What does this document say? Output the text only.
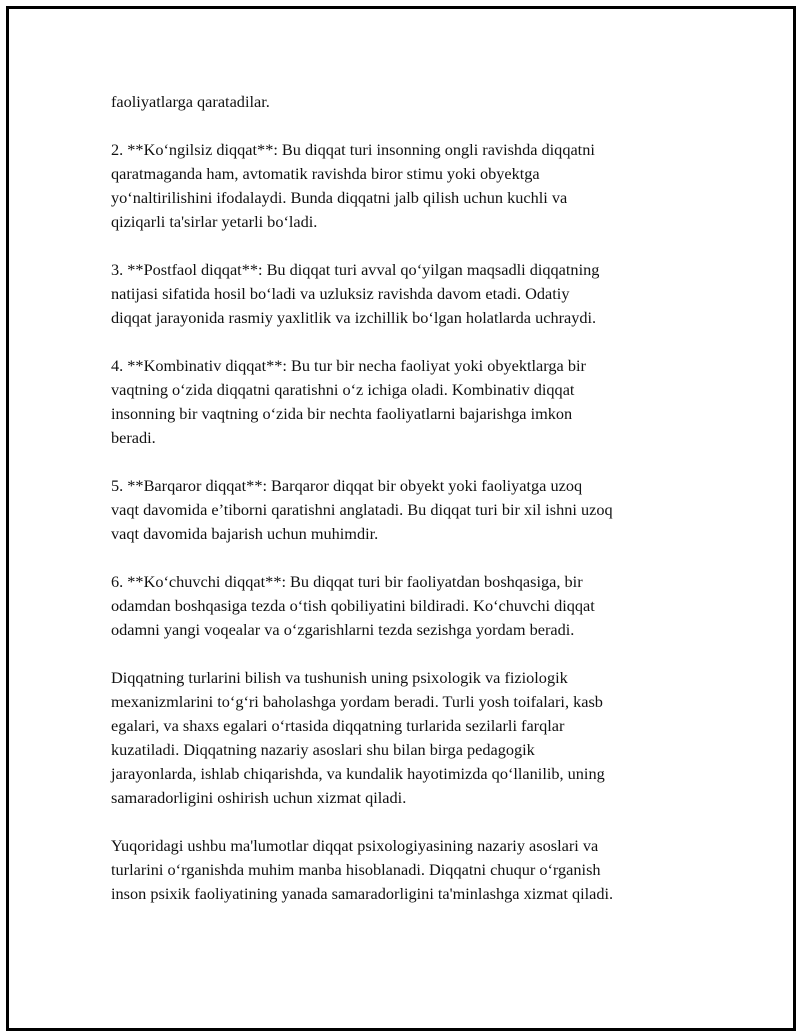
faoliyatlarga qaratadilar.

2. **Ko‘ngilsiz diqqat**: Bu diqqat turi insonning ongli ravishda diqqatni
qaratmaganda ham, avtomatik ravishda biror stimu yoki obyektga
yo‘naltirilishini ifodalaydi. Bunda diqqatni jalb qilish uchun kuchli va
qiziqarli ta'sirlar yetarli bo‘ladi.

3. **Postfaol diqqat**: Bu diqqat turi avval qo‘yilgan maqsadli diqqatning
natijasi sifatida hosil bo‘ladi va uzluksiz ravishda davom etadi. Odatiy
diqqat jarayonida rasmiy yaxlitlik va izchillik bo‘lgan holatlarda uchraydi.

4. **Kombinativ diqqat**: Bu tur bir necha faoliyat yoki obyektlarga bir
vaqtning o‘zida diqqatni qaratishni o‘z ichiga oladi. Kombinativ diqqat
insonning bir vaqtning o‘zida bir nechta faoliyatlarni bajarishga imkon
beradi.

5. **Barqaror diqqat**: Barqaror diqqat bir obyekt yoki faoliyatga uzoq
vaqt davomida e’tiborni qaratishni anglatadi. Bu diqqat turi bir xil ishni uzoq
vaqt davomida bajarish uchun muhimdir.

6. **Ko‘chuvchi diqqat**: Bu diqqat turi bir faoliyatdan boshqasiga, bir
odamdan boshqasiga tezda o‘tish qobiliyatini bildiradi. Ko‘chuvchi diqqat
odamni yangi voqealar va o‘zgarishlarni tezda sezishga yordam beradi.

Diqqatning turlarini bilish va tushunish uning psixologik va fiziologik
mexanizmlarini to‘g‘ri baholashga yordam beradi. Turli yosh toifalari, kasb
egalari, va shaxs egalari o‘rtasida diqqatning turlarida sezilarli farqlar
kuzatiladi. Diqqatning nazariy asoslari shu bilan birga pedagogik
jarayonlarda, ishlab chiqarishda, va kundalik hayotimizda qo‘llanilib, uning
samaradorligini oshirish uchun xizmat qiladi.

Yuqoridagi ushbu ma'lumotlar diqqat psixologiyasining nazariy asoslari va
turlarini o‘rganishda muhim manba hisoblanadi. Diqqatni chuqur o‘rganish
inson psixik faoliyatining yanada samaradorligini ta'minlashga xizmat qiladi.
